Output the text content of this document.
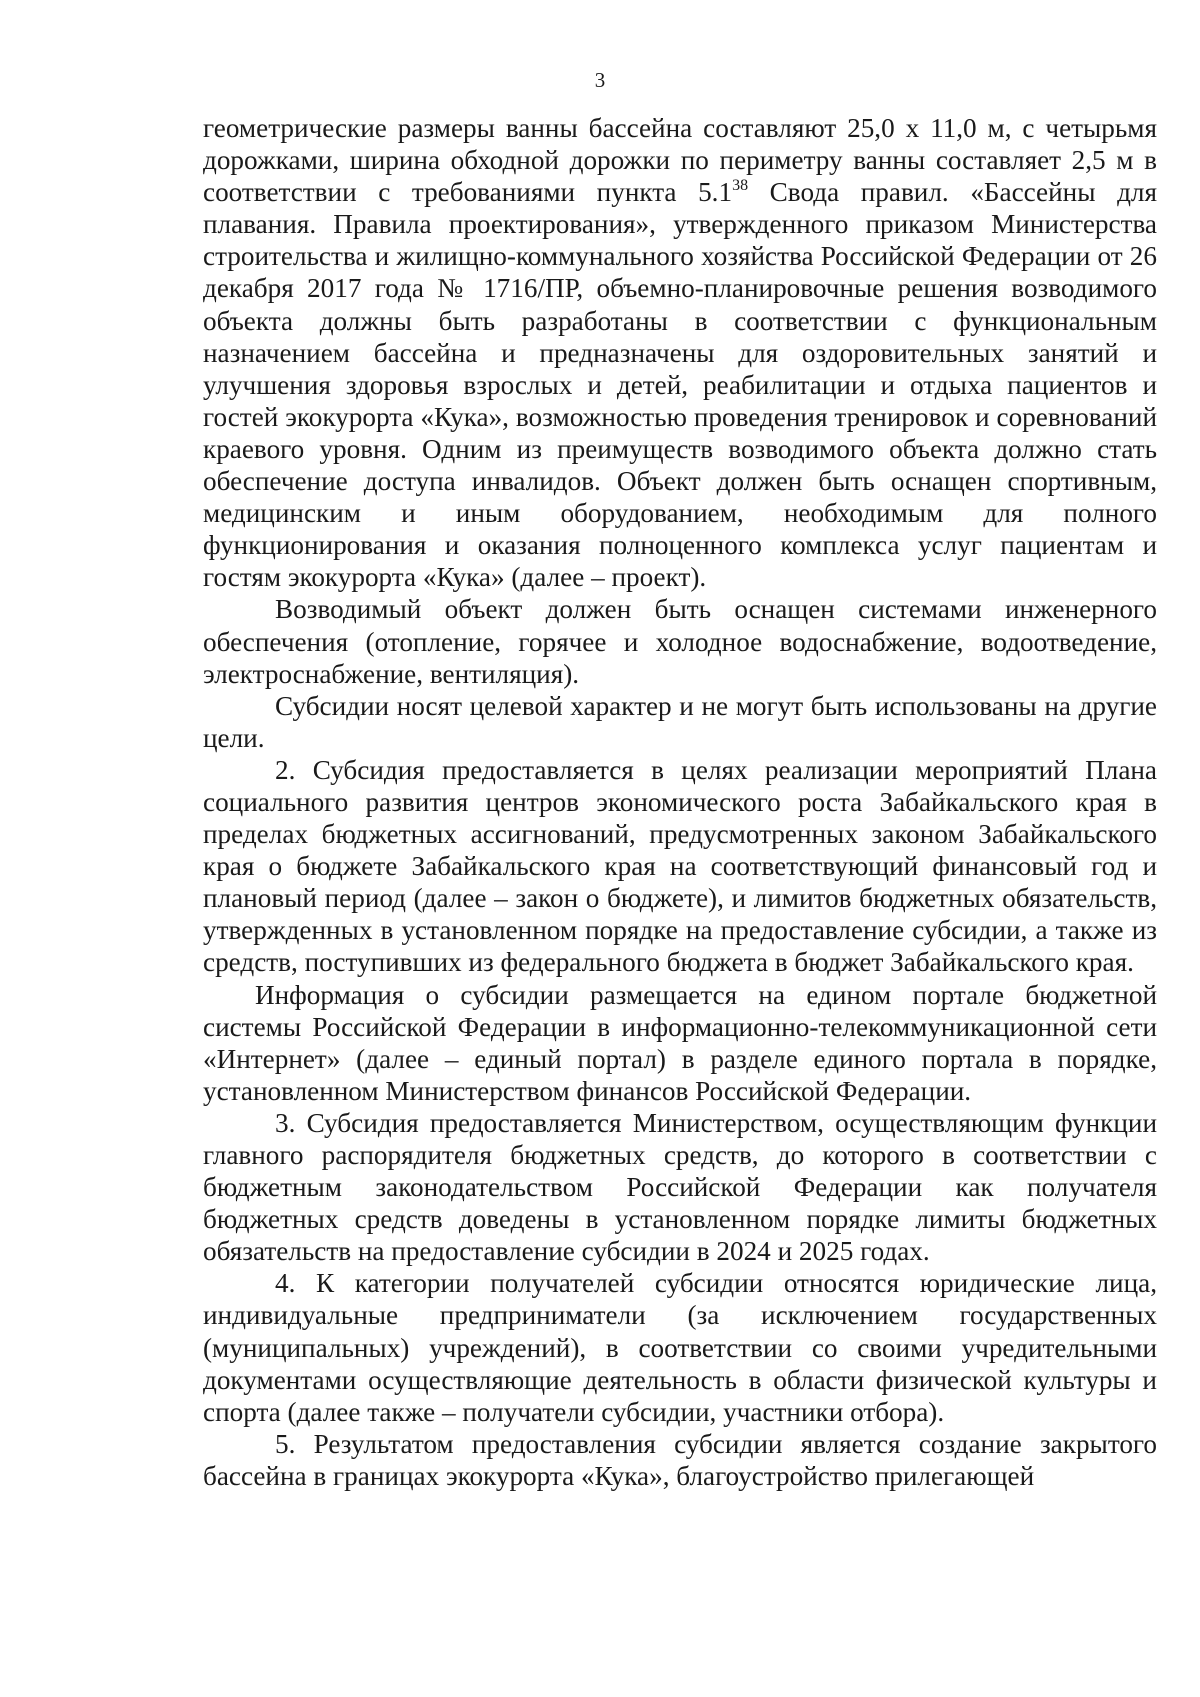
3

геометрические размеры ванны бассейна составляют 25,0 х 11,0 м, с четырьмя дорожками, ширина обходной дорожки по периметру ванны составляет 2,5 м в соответствии с требованиями пункта $5.1^{38}$ Свода правил. «Бассейны для плавания. Правила проектирования», утвержденного приказом Министерства строительства и жилищно-коммунального хозяйства Российской Федерации от 26 декабря 2017 года № 1716/ПР, объемно-планировочные решения возводимого объекта должны быть разработаны в соответствии с функциональным назначением бассейна и предназначены для оздоровительных занятий и улучшения здоровья взрослых и детей, реабилитации и отдыха пациентов и гостей экокурорта «Кука», возможностью проведения тренировок и соревнований краевого уровня. Одним из преимуществ возводимого объекта должно стать обеспечение доступа инвалидов. Объект должен быть оснащен спортивным, медицинским и иным оборудованием, необходимым для полного функционирования и оказания полноценного комплекса услуг пациентам и гостям экокурорта «Кука» (далее – проект).

Возводимый объект должен быть оснащен системами инженерного обеспечения (отопление, горячее и холодное водоснабжение, водоотведение, электроснабжение, вентиляция).

Субсидии носят целевой характер и не могут быть использованы на другие цели.

2. Субсидия предоставляется в целях реализации мероприятий Плана социального развития центров экономического роста Забайкальского края в пределах бюджетных ассигнований, предусмотренных законом Забайкальского края о бюджете Забайкальского края на соответствующий финансовый год и плановый период (далее – закон о бюджете), и лимитов бюджетных обязательств, утвержденных в установленном порядке на предоставление субсидии, а также из средств, поступивших из федерального бюджета в бюджет Забайкальского края.

Информация о субсидии размещается на едином портале бюджетной системы Российской Федерации в информационно-телекоммуникационной сети «Интернет» (далее – единый портал) в разделе единого портала в порядке, установленном Министерством финансов Российской Федерации.

3. Субсидия предоставляется Министерством, осуществляющим функции главного распорядителя бюджетных средств, до которого в соответствии с бюджетным законодательством Российской Федерации как получателя бюджетных средств доведены в установленном порядке лимиты бюджетных обязательств на предоставление субсидии в 2024 и 2025 годах.

4. К категории получателей субсидии относятся юридические лица, индивидуальные предприниматели (за исключением государственных (муниципальных) учреждений), в соответствии со своими учредительными документами осуществляющие деятельность в области физической культуры и спорта (далее также – получатели субсидии, участники отбора).

5. Результатом предоставления субсидии является создание закрытого бассейна в границах экокурорта «Кука», благоустройство прилегающей
